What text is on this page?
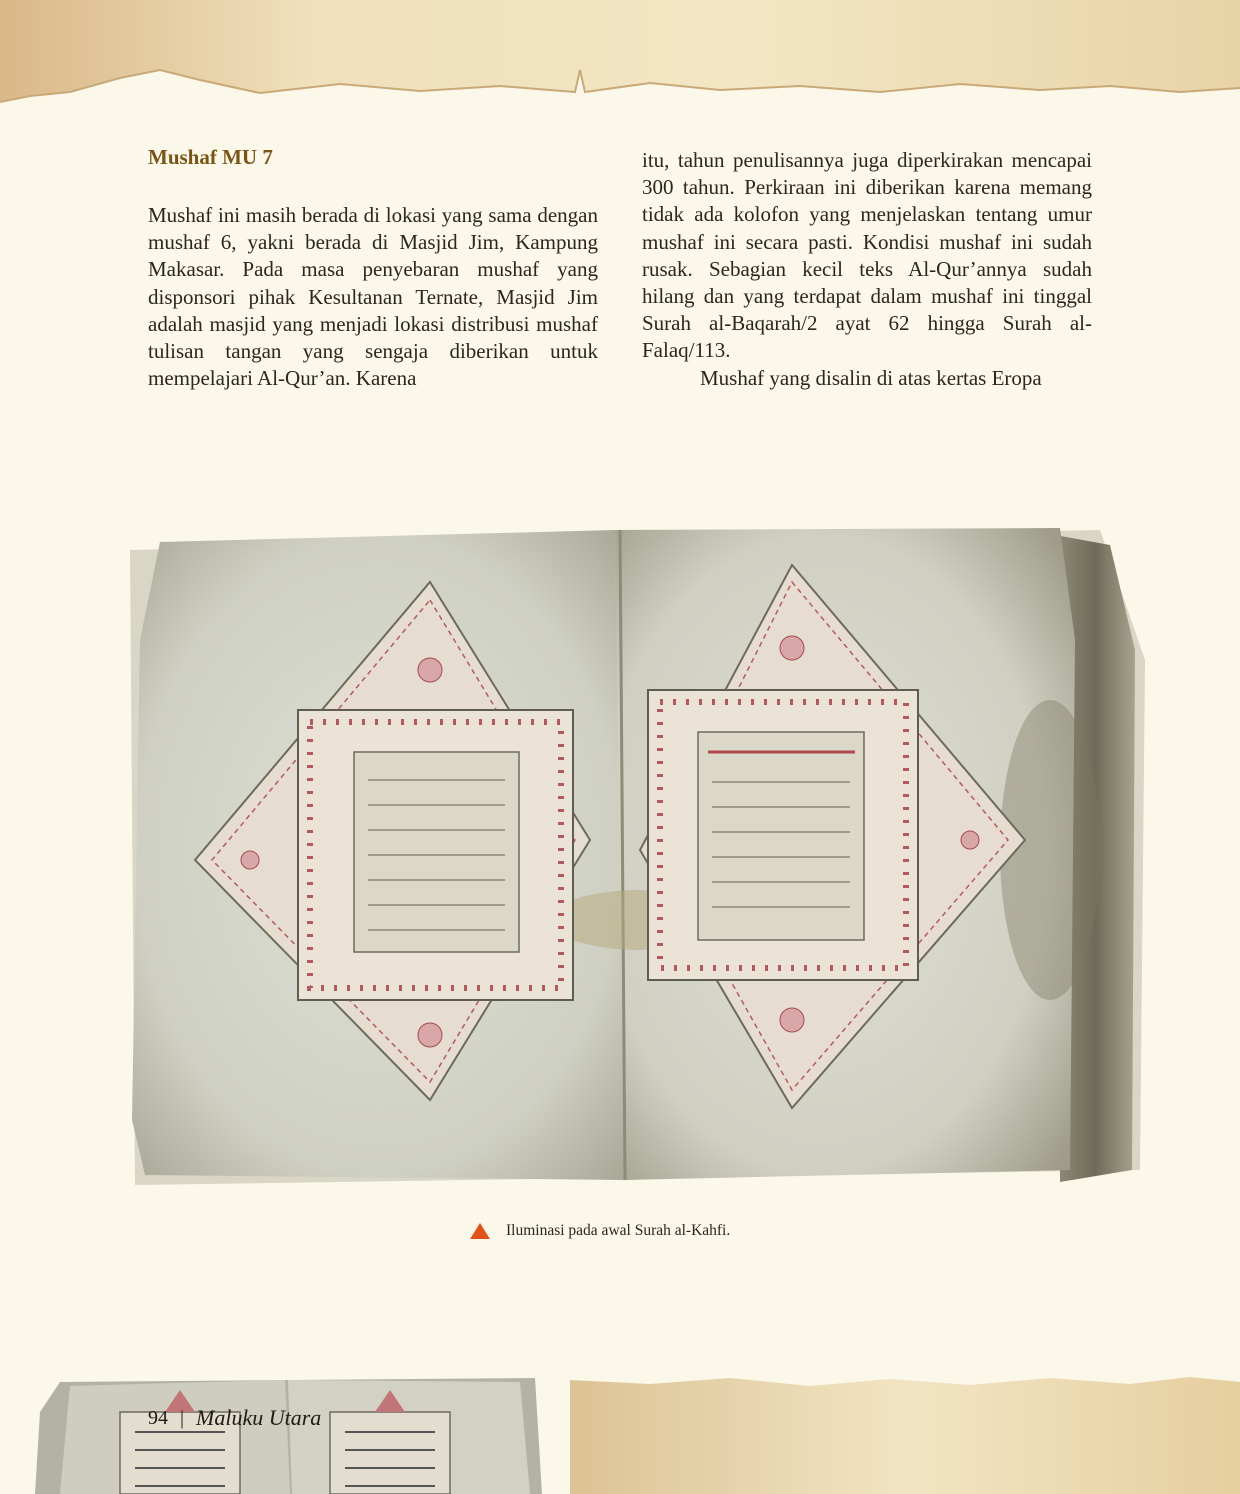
Mushaf MU 7

Mushaf ini masih berada di lokasi yang sama dengan mushaf 6, yakni berada di Masjid Jim, Kampung Makasar. Pada masa penyebaran mushaf yang disponsori pihak Kesultanan Ternate, Masjid Jim adalah masjid yang menjadi lokasi distribusi mushaf tulisan tangan yang sengaja diberikan untuk mempelajari Al-Qur’an. Karena

itu, tahun penulisannya juga diperkirakan mencapai 300 tahun. Perkiraan ini diberikan karena memang tidak ada kolofon yang menjelaskan tentang umur mushaf ini secara pasti. Kondisi mushaf ini sudah rusak. Sebagian kecil teks Al-Qur’annya sudah hilang dan yang terdapat dalam mushaf ini tinggal Surah al-Baqarah/2 ayat 62 hingga Surah al-Falaq/113.

Mushaf yang disalin di atas kertas Eropa

Iluminasi pada awal Surah al-Kahfi.
94 | Maluku Utara
